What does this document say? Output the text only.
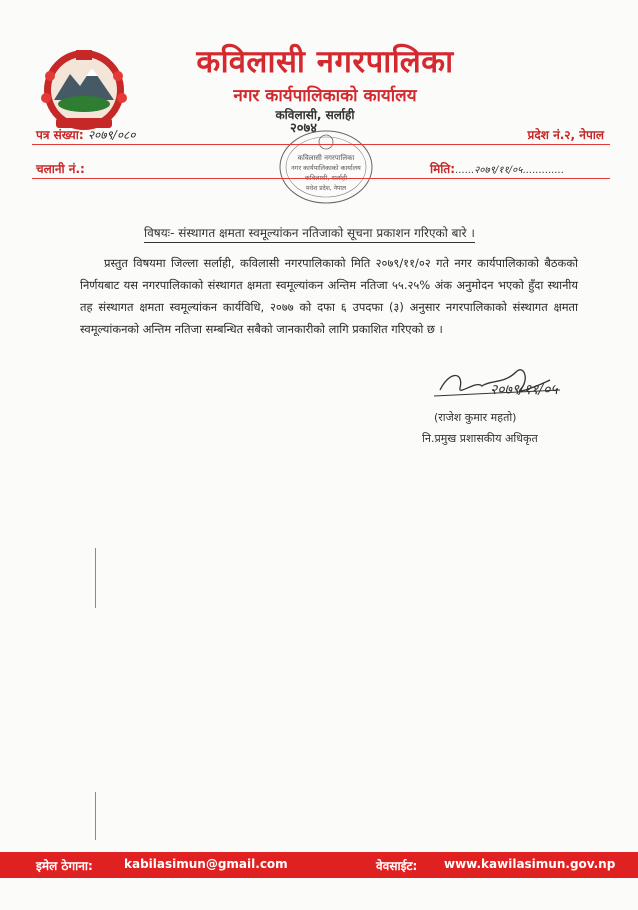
कविलासी नगरपालिका
नगर कार्यपालिकाको कार्यालय
कविलासी, सर्लाही
२०७४
पत्र संख्या: २०७९/०८०	प्रदेश नं.२, नेपाल
चलानी नं.:	मिति:......२०७९/११/०५.............
कविलासी नगरपालिका
नगर कार्यपालिकाको कार्यालय
कविलासी, सर्लाही
मधेश प्रदेश, नेपाल
विषयः- संस्थागत क्षमता स्वमूल्यांकन नतिजाको सूचना प्रकाशन गरिएको बारे ।
प्रस्तुत विषयमा जिल्ला सर्लाही, कविलासी नगरपालिकाको मिति २०७९/११/०२ गते नगर कार्यपालिकाको बैठकको निर्णयबाट यस नगरपालिकाको संस्थागत क्षमता स्वमूल्यांकन अन्तिम नतिजा ५५.२५% अंक अनुमोदन भएको हुँदा स्थानीय तह संस्थागत क्षमता स्वमूल्यांकन कार्यविधि, २०७७ को दफा ६ उपदफा (३) अनुसार नगरपालिकाको संस्थागत क्षमता स्वमूल्यांकनको अन्तिम नतिजा सम्बन्धित सबैको जानकारीको लागि प्रकाशित गरिएको छ ।
२०७९/११/०५
(राजेश कुमार महतो)
नि.प्रमुख प्रशासकीय अधिकृत
इमेल ठेगाना:	kabilasimun@gmail.com	वेवसाईट: www.kawilasimun.gov.np
